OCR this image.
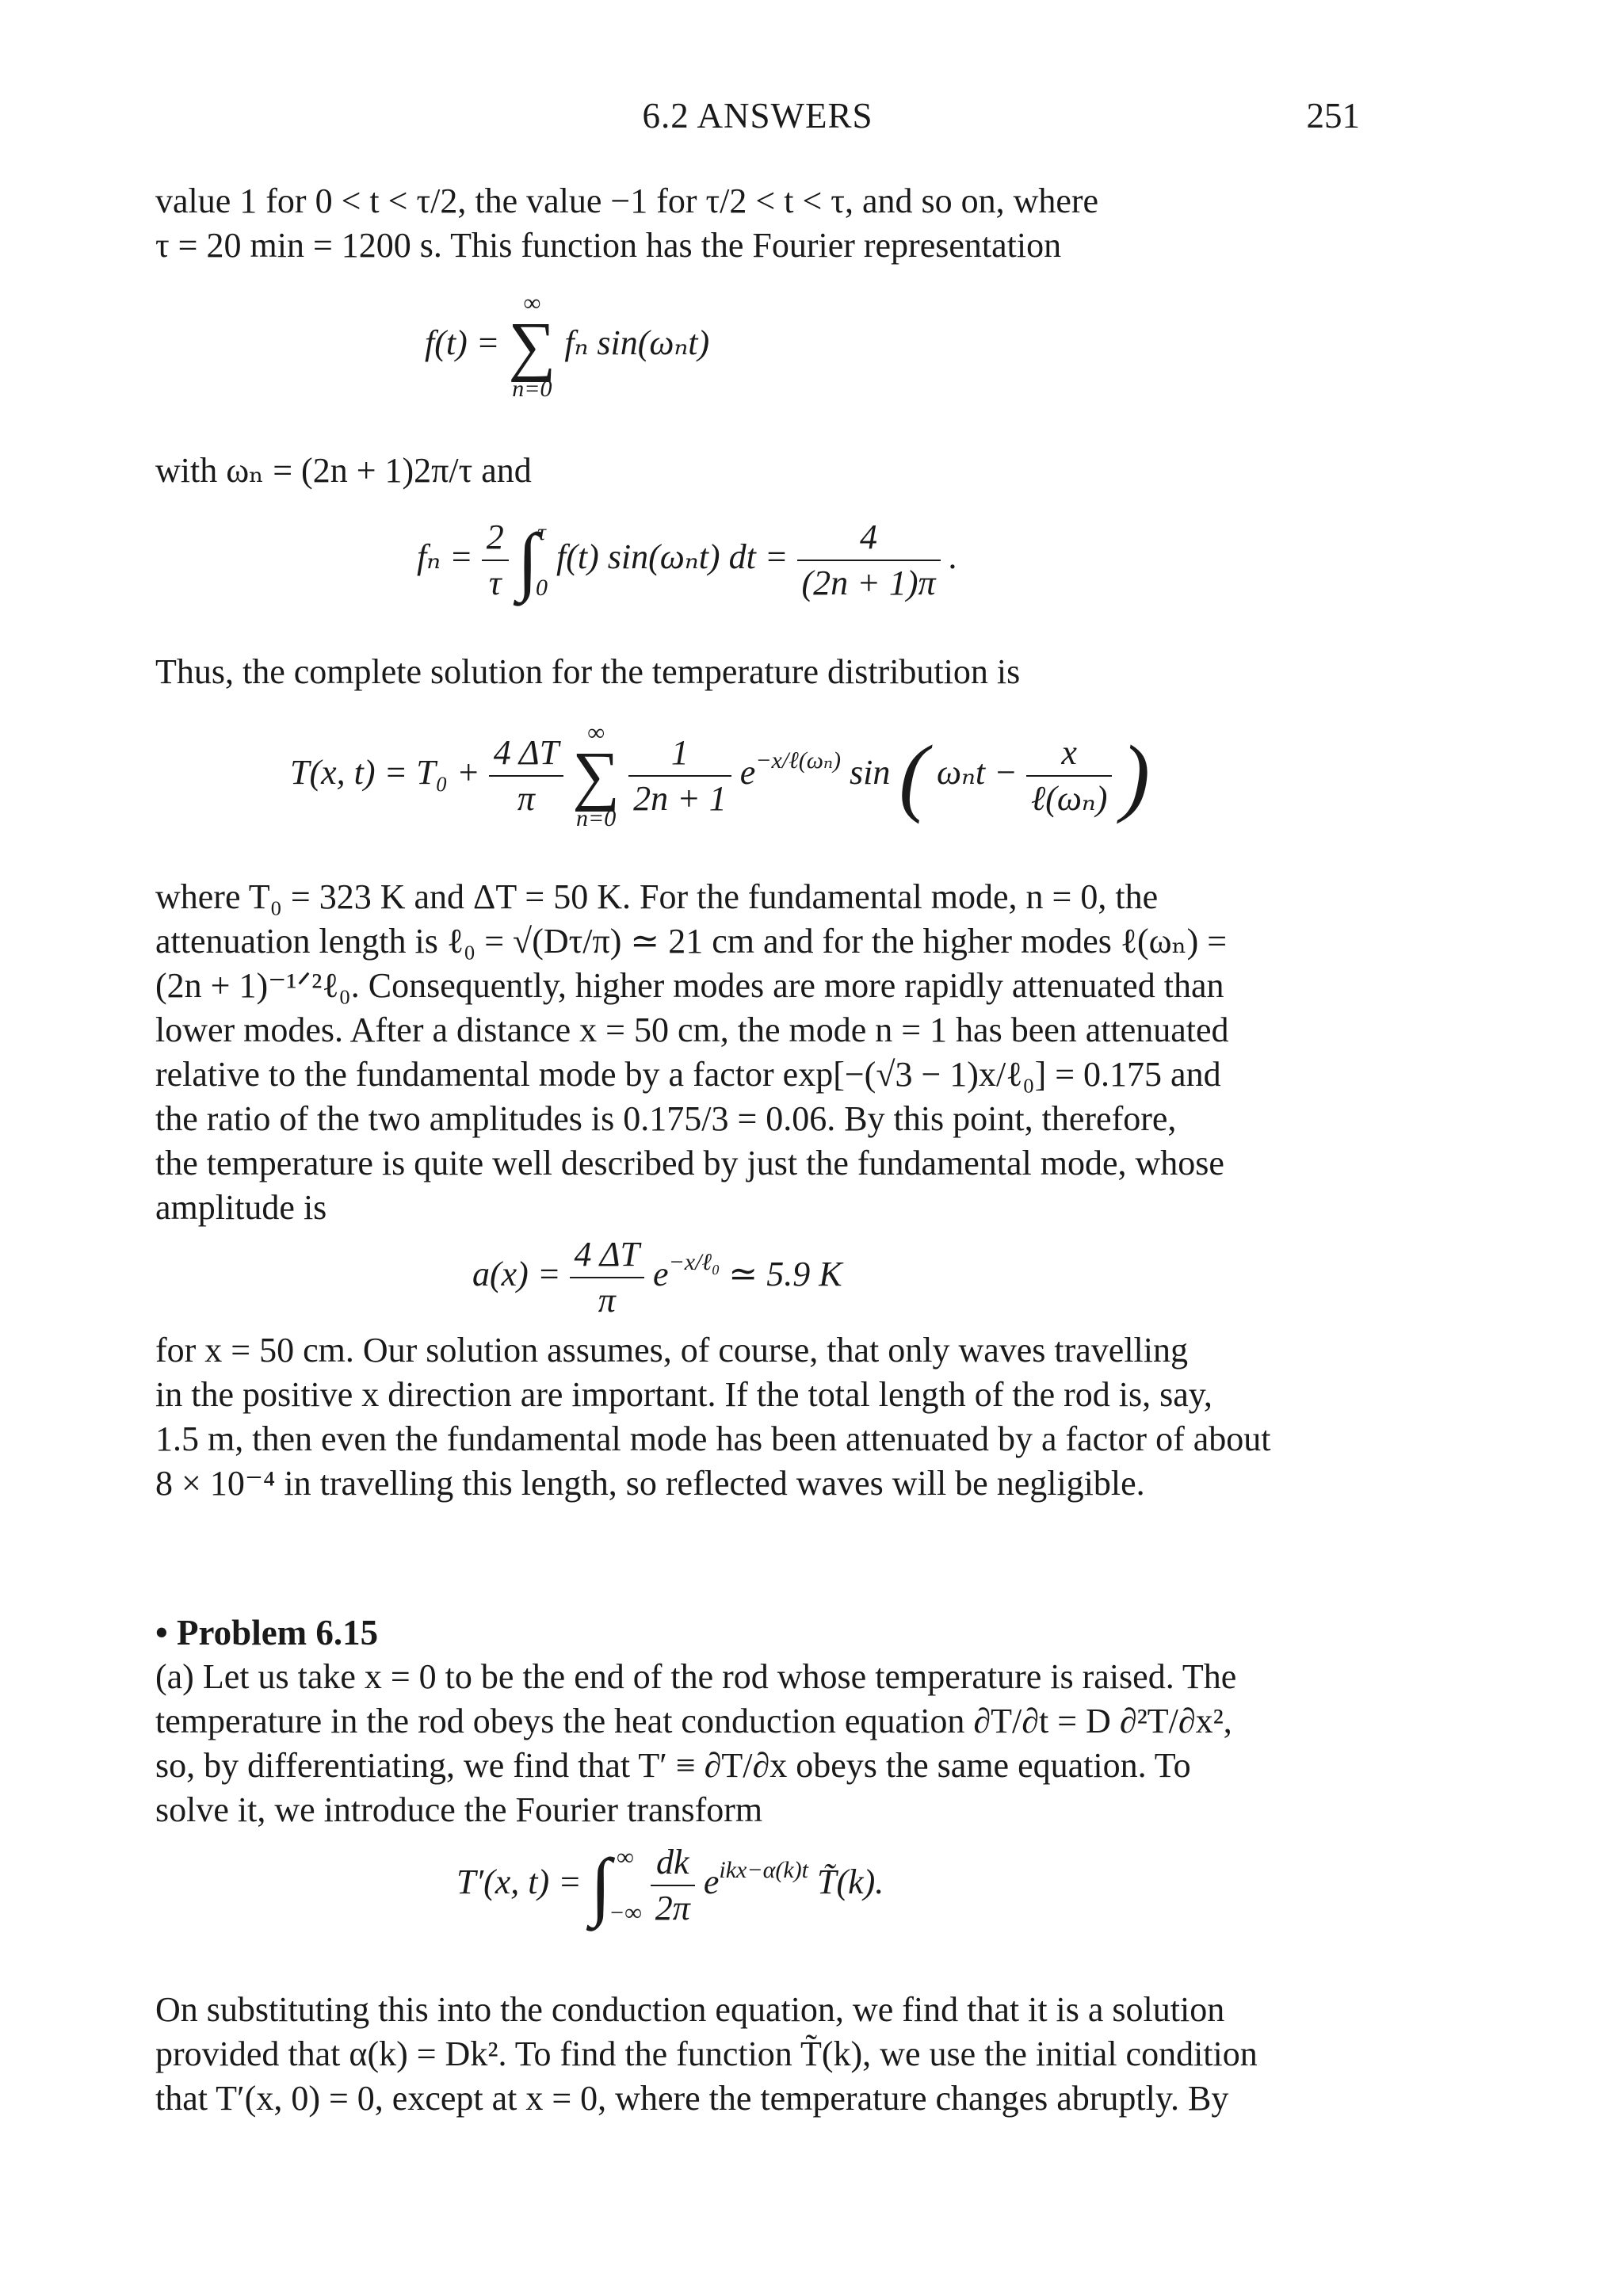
6.2 ANSWERS	251

value 1 for 0 < t < τ/2, the value −1 for τ/2 < t < τ, and so on, where

τ = 20 min = 1200 s. This function has the Fourier representation

f(t) =
∞
∑
n=0
fₙ sin(ωₙt)

with ωₙ = (2n + 1)2π/τ and

$f_n = \frac{2}{\tau}$ ∫ τ
0
f(t) sin(ωₙt) dt = $\frac{4}{(2n + 1)\pi}$ .

Thus, the complete solution for the temperature distribution is

T(x, $t) = T_0 + \frac{4 \Delta T}{\pi}$
	∞
∑
n=0
$\frac{1}{2n + 1} e^{-x/\ell(\omega_n)}$ sin ( $\omega_nt - \frac{x}{\text{ℓ(ωₙ)}}$ )

where T₀ = 323 K and ΔT = 50 K. For the fundamental mode, n = 0, the

attenuation length is ℓ₀ = √(Dτ/π) ≃ 21 cm and for the higher modes ℓ(ωₙ) =

(2n + 1)⁻¹ᐟ²ℓ₀. Consequently, higher modes are more rapidly attenuated than

lower modes. After a distance x = 50 cm, the mode n = 1 has been attenuated

relative to the fundamental mode by a factor exp[−(√3 − 1)x/ℓ₀] = 0.175 and

the ratio of the two amplitudes is 0.175/3 = 0.06. By this point, therefore,

the temperature is quite well described by just the fundamental mode, whose

amplitude is

$a(x) = \frac{4 \Delta T}{\pi} e^{-x/\ell_0}$ ≃ 5.9 K

for x = 50 cm. Our solution assumes, of course, that only waves travelling

in the positive x direction are important. If the total length of the rod is, say,

1.5 m, then even the fundamental mode has been attenuated by a factor of about

8 × 10⁻⁴ in travelling this length, so reflected waves will be negligible.

• Problem 6.15

(a) Let us take x = 0 to be the end of the rod whose temperature is raised. The

temperature in the rod obeys the heat conduction equation ∂T/∂t = D ∂²T/∂x²,

so, by differentiating, we find that T′ ≡ ∂T/∂x obeys the same equation. To

solve it, we introduce the Fourier transform

T′(x, t) = ∫ ∞
−∞
$\frac{dk}{2\pi} e^{ikx-\alpha(k)t}$ T̃(k).

On substituting this into the conduction equation, we find that it is a solution

provided that α(k) = Dk². To find the function T̃(k), we use the initial condition

that T′(x, 0) = 0, except at x = 0, where the temperature changes abruptly. By
